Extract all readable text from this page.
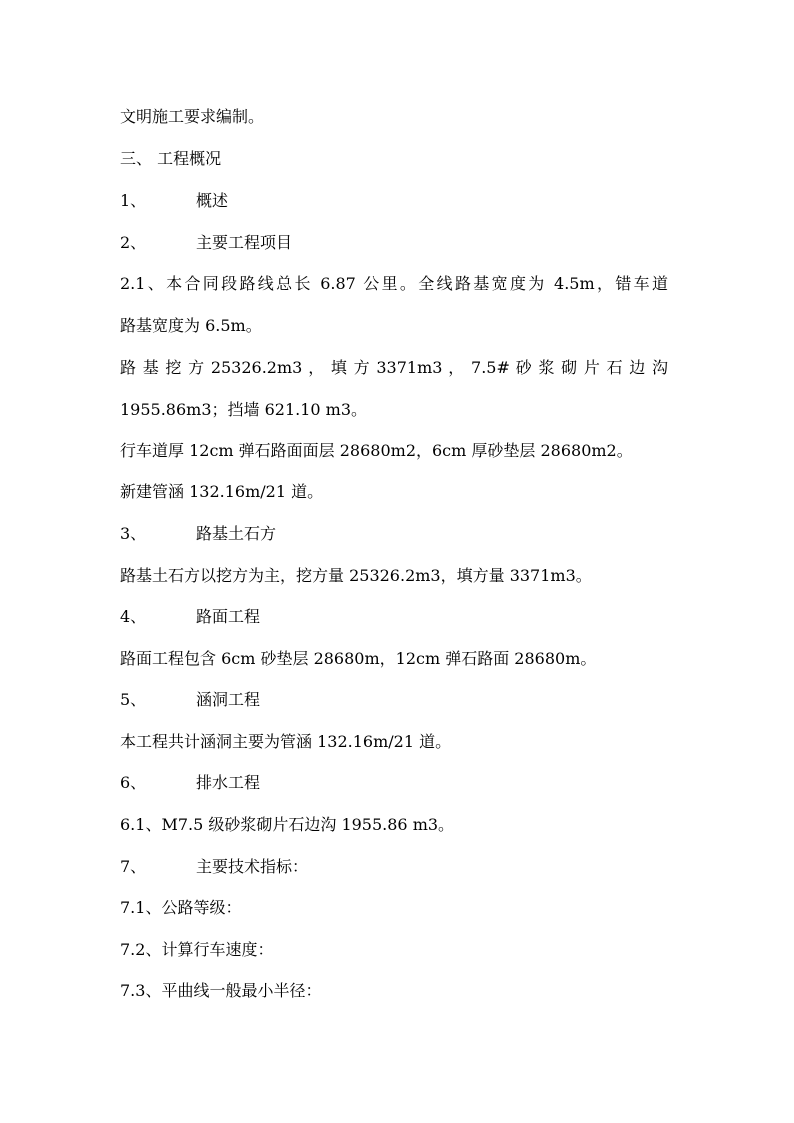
文明施工要求编制。
三、 工程概况
1、	概述
2、	主要工程项目
2.1、本合同段路线总长 6.87 公里。全线路基宽度为 4.5m，错车道
路基宽度为 6.5m。
路 基 挖 方 25326.2m3 ， 填 方 3371m3 ， 7.5# 砂 浆 砌 片 石 边 沟
1955.86m3；挡墙 621.10 m3。
行车道厚 12cm 弹石路面面层 28680m2，6cm 厚砂垫层 28680m2。
新建管涵 132.16m/21 道。
3、	路基土石方
路基土石方以挖方为主，挖方量 25326.2m3，填方量 3371m3。
4、	路面工程
路面工程包含 6cm 砂垫层 28680m，12cm 弹石路面 28680m。
5、	涵洞工程
本工程共计涵洞主要为管涵 132.16m/21 道。
6、	排水工程
6.1、M7.5 级砂浆砌片石边沟 1955.86 m3。
7、	主要技术指标：
7.1、公路等级：
7.2、计算行车速度：
7.3、平曲线一般最小半径：
